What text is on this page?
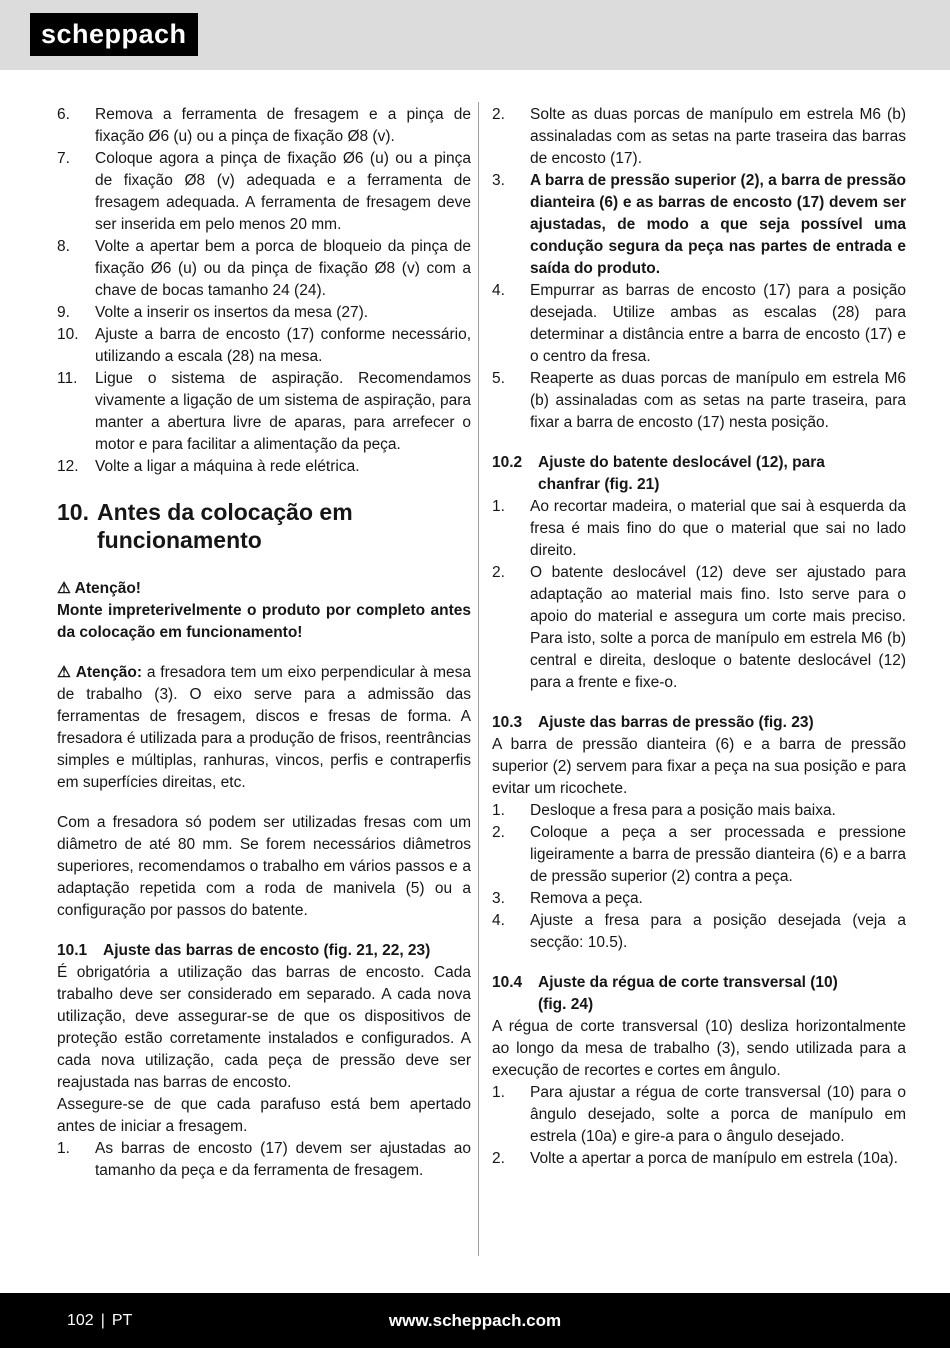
scheppach
6.	Remova a ferramenta de fresagem e a pinça de fixação Ø6 (u) ou a pinça de fixação Ø8 (v).
7.	Coloque agora a pinça de fixação Ø6 (u) ou a pinça de fixação Ø8 (v) adequada e a ferramenta de fresagem adequada. A ferramenta de fresagem deve ser inserida em pelo menos 20 mm.
8.	Volte a apertar bem a porca de bloqueio da pinça de fixação Ø6 (u) ou da pinça de fixação Ø8 (v) com a chave de bocas tamanho 24 (24).
9.	Volte a inserir os insertos da mesa (27).
10.	Ajuste a barra de encosto (17) conforme necessário, utilizando a escala (28) na mesa.
11.	Ligue o sistema de aspiração. Recomendamos vivamente a ligação de um sistema de aspiração, para manter a abertura livre de aparas, para arrefecer o motor e para facilitar a alimentação da peça.
12.	Volte a ligar a máquina à rede elétrica.
10. Antes da colocação em funcionamento
⚠ Atenção!
Monte impreterivelmente o produto por completo antes da colocação em funcionamento!

⚠ Atenção: a fresadora tem um eixo perpendicular à mesa de trabalho (3). O eixo serve para a admissão das ferramentas de fresagem, discos e fresas de forma. A fresadora é utilizada para a produção de frisos, reentrâncias simples e múltiplas, ranhuras, vincos, perfis e contraperfis em superfícies direitas, etc.

Com a fresadora só podem ser utilizadas fresas com um diâmetro de até 80 mm. Se forem necessários diâmetros superiores, recomendamos o trabalho em vários passos e a adaptação repetida com a roda de manivela (5) ou a configuração por passos do batente.

10.1	Ajuste das barras de encosto (fig. 21, 22, 23)

É obrigatória a utilização das barras de encosto. Cada trabalho deve ser considerado em separado. A cada nova utilização, deve assegurar-se de que os dispositivos de proteção estão corretamente instalados e configurados. A cada nova utilização, cada peça de pressão deve ser reajustada nas barras de encosto.

Assegure-se de que cada parafuso está bem apertado antes de iniciar a fresagem.

1.	As barras de encosto (17) devem ser ajustadas ao tamanho da peça e da ferramenta de fresagem.
2.	Solte as duas porcas de manípulo em estrela M6 (b) assinaladas com as setas na parte traseira das barras de encosto (17).
3.	A barra de pressão superior (2), a barra de pressão dianteira (6) e as barras de encosto (17) devem ser ajustadas, de modo a que seja possível uma condução segura da peça nas partes de entrada e saída do produto.
4.	Empurrar as barras de encosto (17) para a posição desejada. Utilize ambas as escalas (28) para determinar a distância entre a barra de encosto (17) e o centro da fresa.
5.	Reaperte as duas porcas de manípulo em estrela M6 (b) assinaladas com as setas na parte traseira, para fixar a barra de encosto (17) nesta posição.
10.2	Ajuste do batente deslocável (12), para
chanfrar (fig. 21)
1.	Ao recortar madeira, o material que sai à esquerda da fresa é mais fino do que o material que sai no lado direito.
2.	O batente deslocável (12) deve ser ajustado para adaptação ao material mais fino. Isto serve para o apoio do material e assegura um corte mais preciso. Para isto, solte a porca de manípulo em estrela M6 (b) central e direita, desloque o batente deslocável (12) para a frente e fixe-o.
10.3	Ajuste das barras de pressão (fig. 23)

A barra de pressão dianteira (6) e a barra de pressão superior (2) servem para fixar a peça na sua posição e para evitar um ricochete.

1.	Desloque a fresa para a posição mais baixa.
2.	Coloque a peça a ser processada e pressione ligeiramente a barra de pressão dianteira (6) e a barra de pressão superior (2) contra a peça.
3.	Remova a peça.
4.	Ajuste a fresa para a posição desejada (veja a secção: 10.5).
10.4	Ajuste da régua de corte transversal (10)
(fig. 24)

A régua de corte transversal (10) desliza horizontalmente ao longo da mesa de trabalho (3), sendo utilizada para a execução de recortes e cortes em ângulo.

1.	Para ajustar a régua de corte transversal (10) para o ângulo desejado, solte a porca de manípulo em estrela (10a) e gire-a para o ângulo desejado.
2.	Volte a apertar a porca de manípulo em estrela (10a).
102 | PT	www.scheppach.com
